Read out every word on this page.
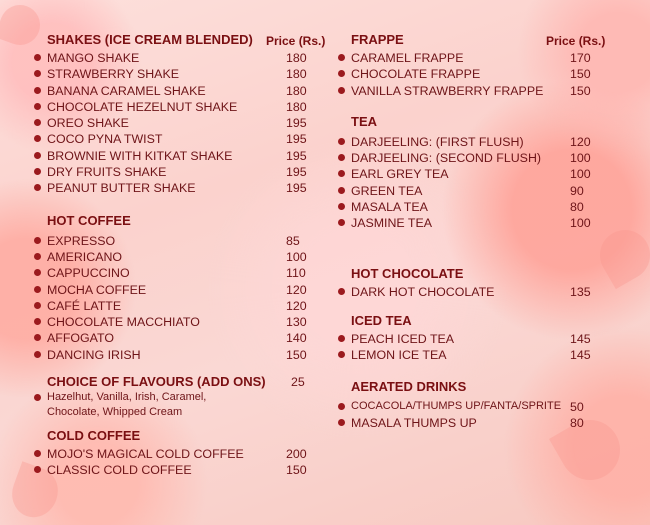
SHAKES (ICE CREAM BLENDED) Price (Rs.)
MANGO SHAKE	180
STRAWBERRY SHAKE	180
BANANA CARAMEL SHAKE	180
CHOCOLATE HEZELNUT SHAKE	180
OREO SHAKE	195
COCO PYNA TWIST	195
BROWNIE WITH KITKAT SHAKE	195
DRY FRUITS SHAKE	195
PEANUT BUTTER SHAKE	195
HOT COFFEE
EXPRESSO	85
AMERICANO	100
CAPPUCCINO	110
MOCHA COFFEE	120
CAFÉ LATTE	120
CHOCOLATE MACCHIATO	130
AFFOGATO	140
DANCING IRISH	150
CHOICE OF FLAVOURS (ADD ONS) 25
Hazelhut, Vanilla, Irish, Caramel,
Chocolate, Whipped Cream
COLD COFFEE
MOJO'S MAGICAL COLD COFFEE	200
CLASSIC COLD COFFEE	150
FRAPPE	Price (Rs.)
CARAMEL FRAPPE	170
CHOCOLATE FRAPPE	150
VANILLA STRAWBERRY FRAPPE 150
TEA
DARJEELING: (FIRST FLUSH)	120
DARJEELING: (SECOND FLUSH) 100
EARL GREY TEA	100
GREEN TEA	90
MASALA TEA	80
JASMINE TEA	100
HOT CHOCOLATE
DARK HOT CHOCOLATE	135
ICED TEA
PEACH ICED TEA	145
LEMON ICE TEA	145
AERATED DRINKS
COCACOLA/THUMPS UP/FANTA/SPRITE 50
MASALA THUMPS UP	80
